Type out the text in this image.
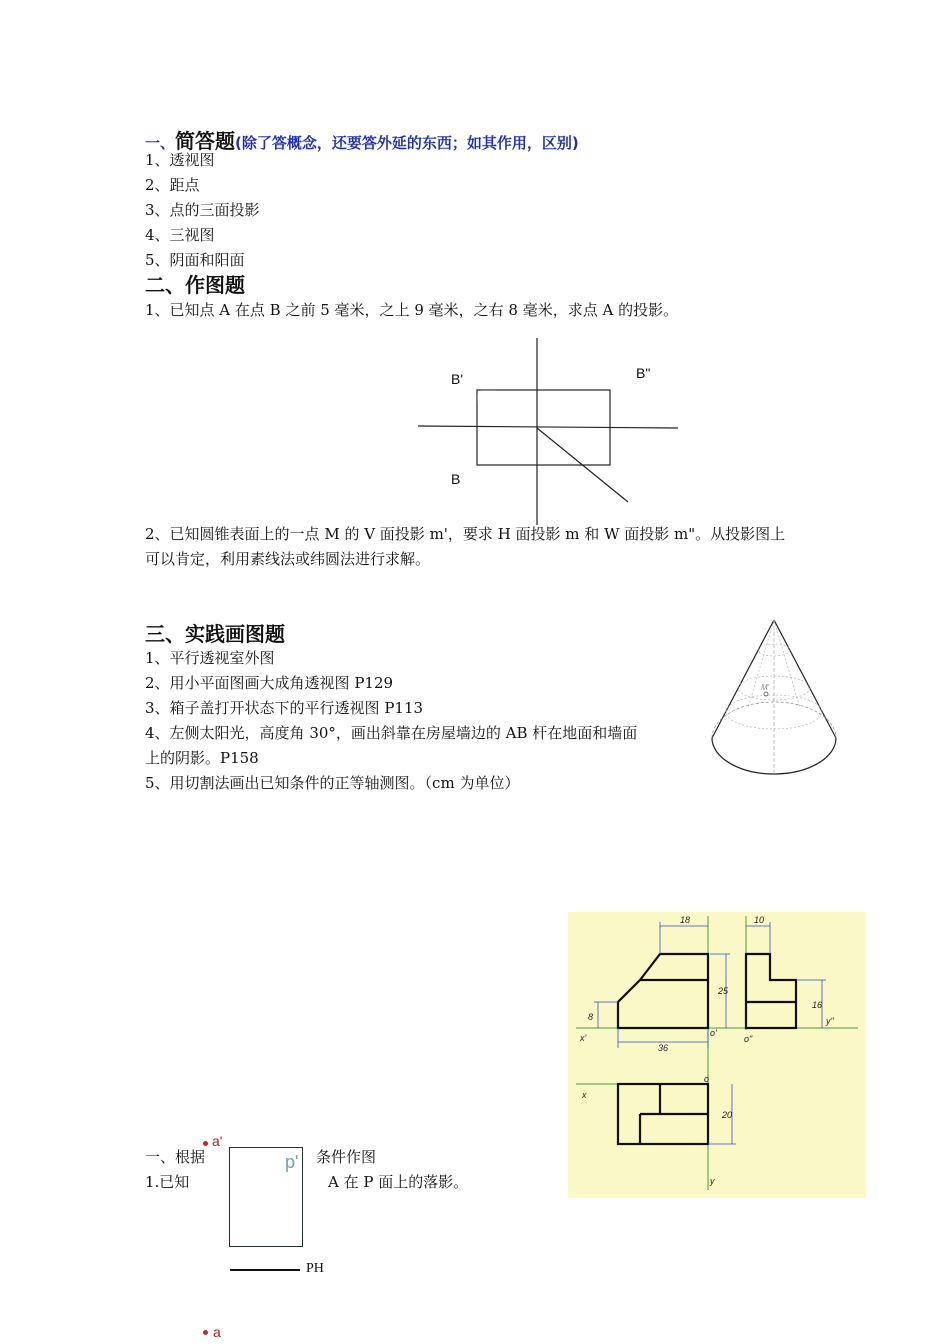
一、简答题(除了答概念，还要答外延的东西；如其作用，区别)
1、透视图
2、距点
3、点的三面投影
4、三视图
5、阴面和阳面
二、作图题
1、已知点 A 在点 B 之前 5 毫米，之上 9 毫米，之右 8 毫米，求点 A 的投影。
B'	B"
B
2、已知圆锥表面上的一点 M 的 V 面投影 m'，要求 H 面投影 m 和 W 面投影 m"。从投影图上
可以肯定，利用素线法或纬圆法进行求解。
三、实践画图题
1、平行透视室外图
2、用小平面图画大成角透视图 P129
3、箱子盖打开状态下的平行透视图 P113
4、左侧太阳光，高度角 30°，画出斜靠在房屋墙边的 AB 杆在地面和墙面
上的阴影。P158
5、用切割法画出已知条件的正等轴测图。（cm 为单位）
M'
18	10
25
16
8
36
20
x'	o'
o"
y"
x
o
y
一、根据	条件作图
1.已知	A 在 P 面上的落影。
p'
a'
PH
a
